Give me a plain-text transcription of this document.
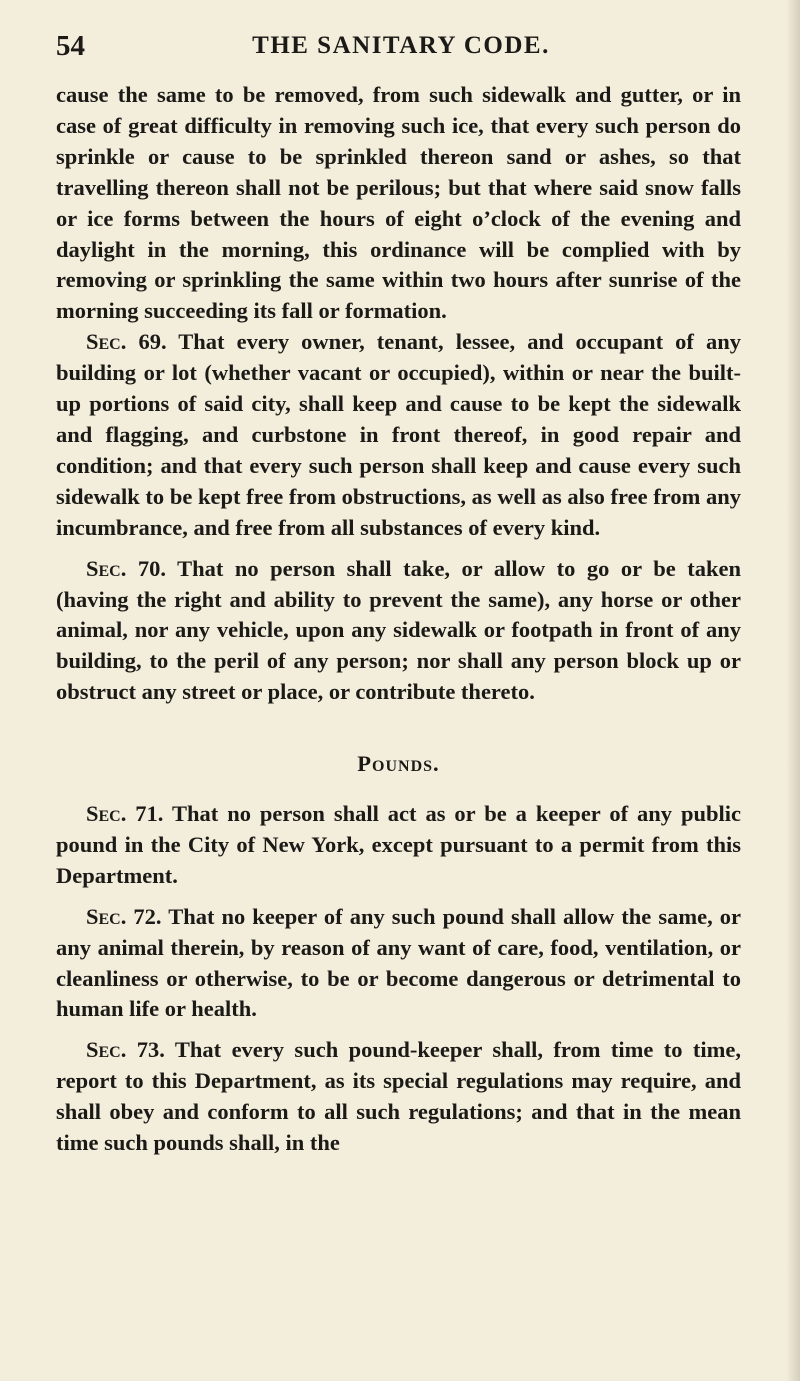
54	THE SANITARY CODE.

cause the same to be removed, from such sidewalk and gutter, or in case of great difficulty in removing such ice, that every such person do sprinkle or cause to be sprinkled thereon sand or ashes, so that travelling thereon shall not be perilous; but that where said snow falls or ice forms between the hours of eight o’clock of the evening and daylight in the morning, this ordinance will be complied with by removing or sprinkling the same within two hours after sunrise of the morning succeeding its fall or formation.

Sec. 69. That every owner, tenant, lessee, and occupant of any building or lot (whether vacant or occupied), within or near the built-up portions of said city, shall keep and cause to be kept the sidewalk and flagging, and curbstone in front thereof, in good repair and condition; and that every such person shall keep and cause every such sidewalk to be kept free from obstructions, as well as also free from any incumbrance, and free from all substances of every kind.

Sec. 70. That no person shall take, or allow to go or be taken (having the right and ability to prevent the same), any horse or other animal, nor any vehicle, upon any sidewalk or footpath in front of any building, to the peril of any person; nor shall any person block up or obstruct any street or place, or contribute thereto.

Pounds.

Sec. 71. That no person shall act as or be a keeper of any public pound in the City of New York, except pursuant to a permit from this Department.

Sec. 72. That no keeper of any such pound shall allow the same, or any animal therein, by reason of any want of care, food, ventilation, or cleanliness or otherwise, to be or become dangerous or detrimental to human life or health.

Sec. 73. That every such pound-keeper shall, from time to time, report to this Department, as its special regulations may require, and shall obey and conform to all such regulations; and that in the mean time such pounds shall, in the
